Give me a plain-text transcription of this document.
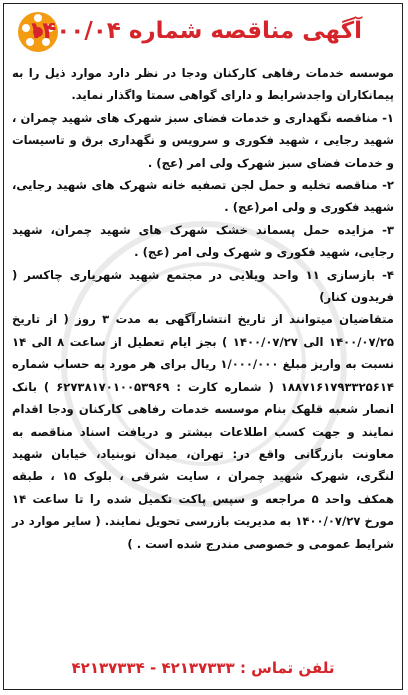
آگهی مناقصه شماره ۱۴۰۰/۰۴

موسسه خدمات رفاهی کارکنان ودجا در نظر دارد موارد ذیل را به پیمانکاران واجدشرایط و دارای گواهی سمتا واگذار نماید.

۱- مناقصه نگهداری و خدمات فضای سبز شهرک های شهید چمران ، شهید رجایی ، شهید فکوری و سرویس و نگهداری برق و تاسیسات و خدمات فضای سبز شهرک ولی امر (عج) .

۲- مناقصه تخلیه و حمل لجن تصفیه خانه شهرک های شهید رجایی، شهید فکوری و ولی امر(عج) .

۳- مزایده حمل پسماند خشک شهرک های شهید چمران، شهید رجایی، شهید فکوری و شهرک ولی امر (عج) .

۴- بازسازی ۱۱ واحد ویلایی در مجتمع شهید شهریاری چاکسر ( فریدون کنار)

متقاضیان میتوانند از تاریخ انتشارآگهی به مدت ۳ روز ( از تاریخ ۱۴۰۰/۰۷/۲۵ الی ۱۴۰۰/۰۷/۲۷ ) بجز ایام تعطیل از ساعت ۸ الی ۱۴ نسبت به واریز مبلغ ۱/۰۰۰/۰۰۰ ریال برای هر مورد به حساب شماره ۱۸۸۷۱۶۱۷۹۳۳۲۵۶۱۴ ( شماره کارت : ۶۲۷۳۸۱۷۰۱۰۰۵۳۹۶۹ ) بانک انصار شعبه قلهک بنام موسسه خدمات رفاهی کارکنان ودجا اقدام نمایند و جهت کسب اطلاعات بیشتر و دریافت اسناد مناقصه به معاونت بازرگانی واقع در: تهران، میدان نوبنیاد، خیابان شهید لنگری، شهرک شهید چمران ، سایت شرقی ، بلوک ۱۵ ، طبقه همکف واحد ۵ مراجعه و سپس پاکت تکمیل شده را تا ساعت ۱۴ مورخ ۱۴۰۰/۰۷/۲۷ به مدیریت بازرسی تحویل نمایند. ( سایر موارد در شرایط عمومی و خصوصی مندرج شده است . )

تلفن تماس : ۴۲۱۳۷۳۳۳ - ۴۲۱۳۷۳۳۴
